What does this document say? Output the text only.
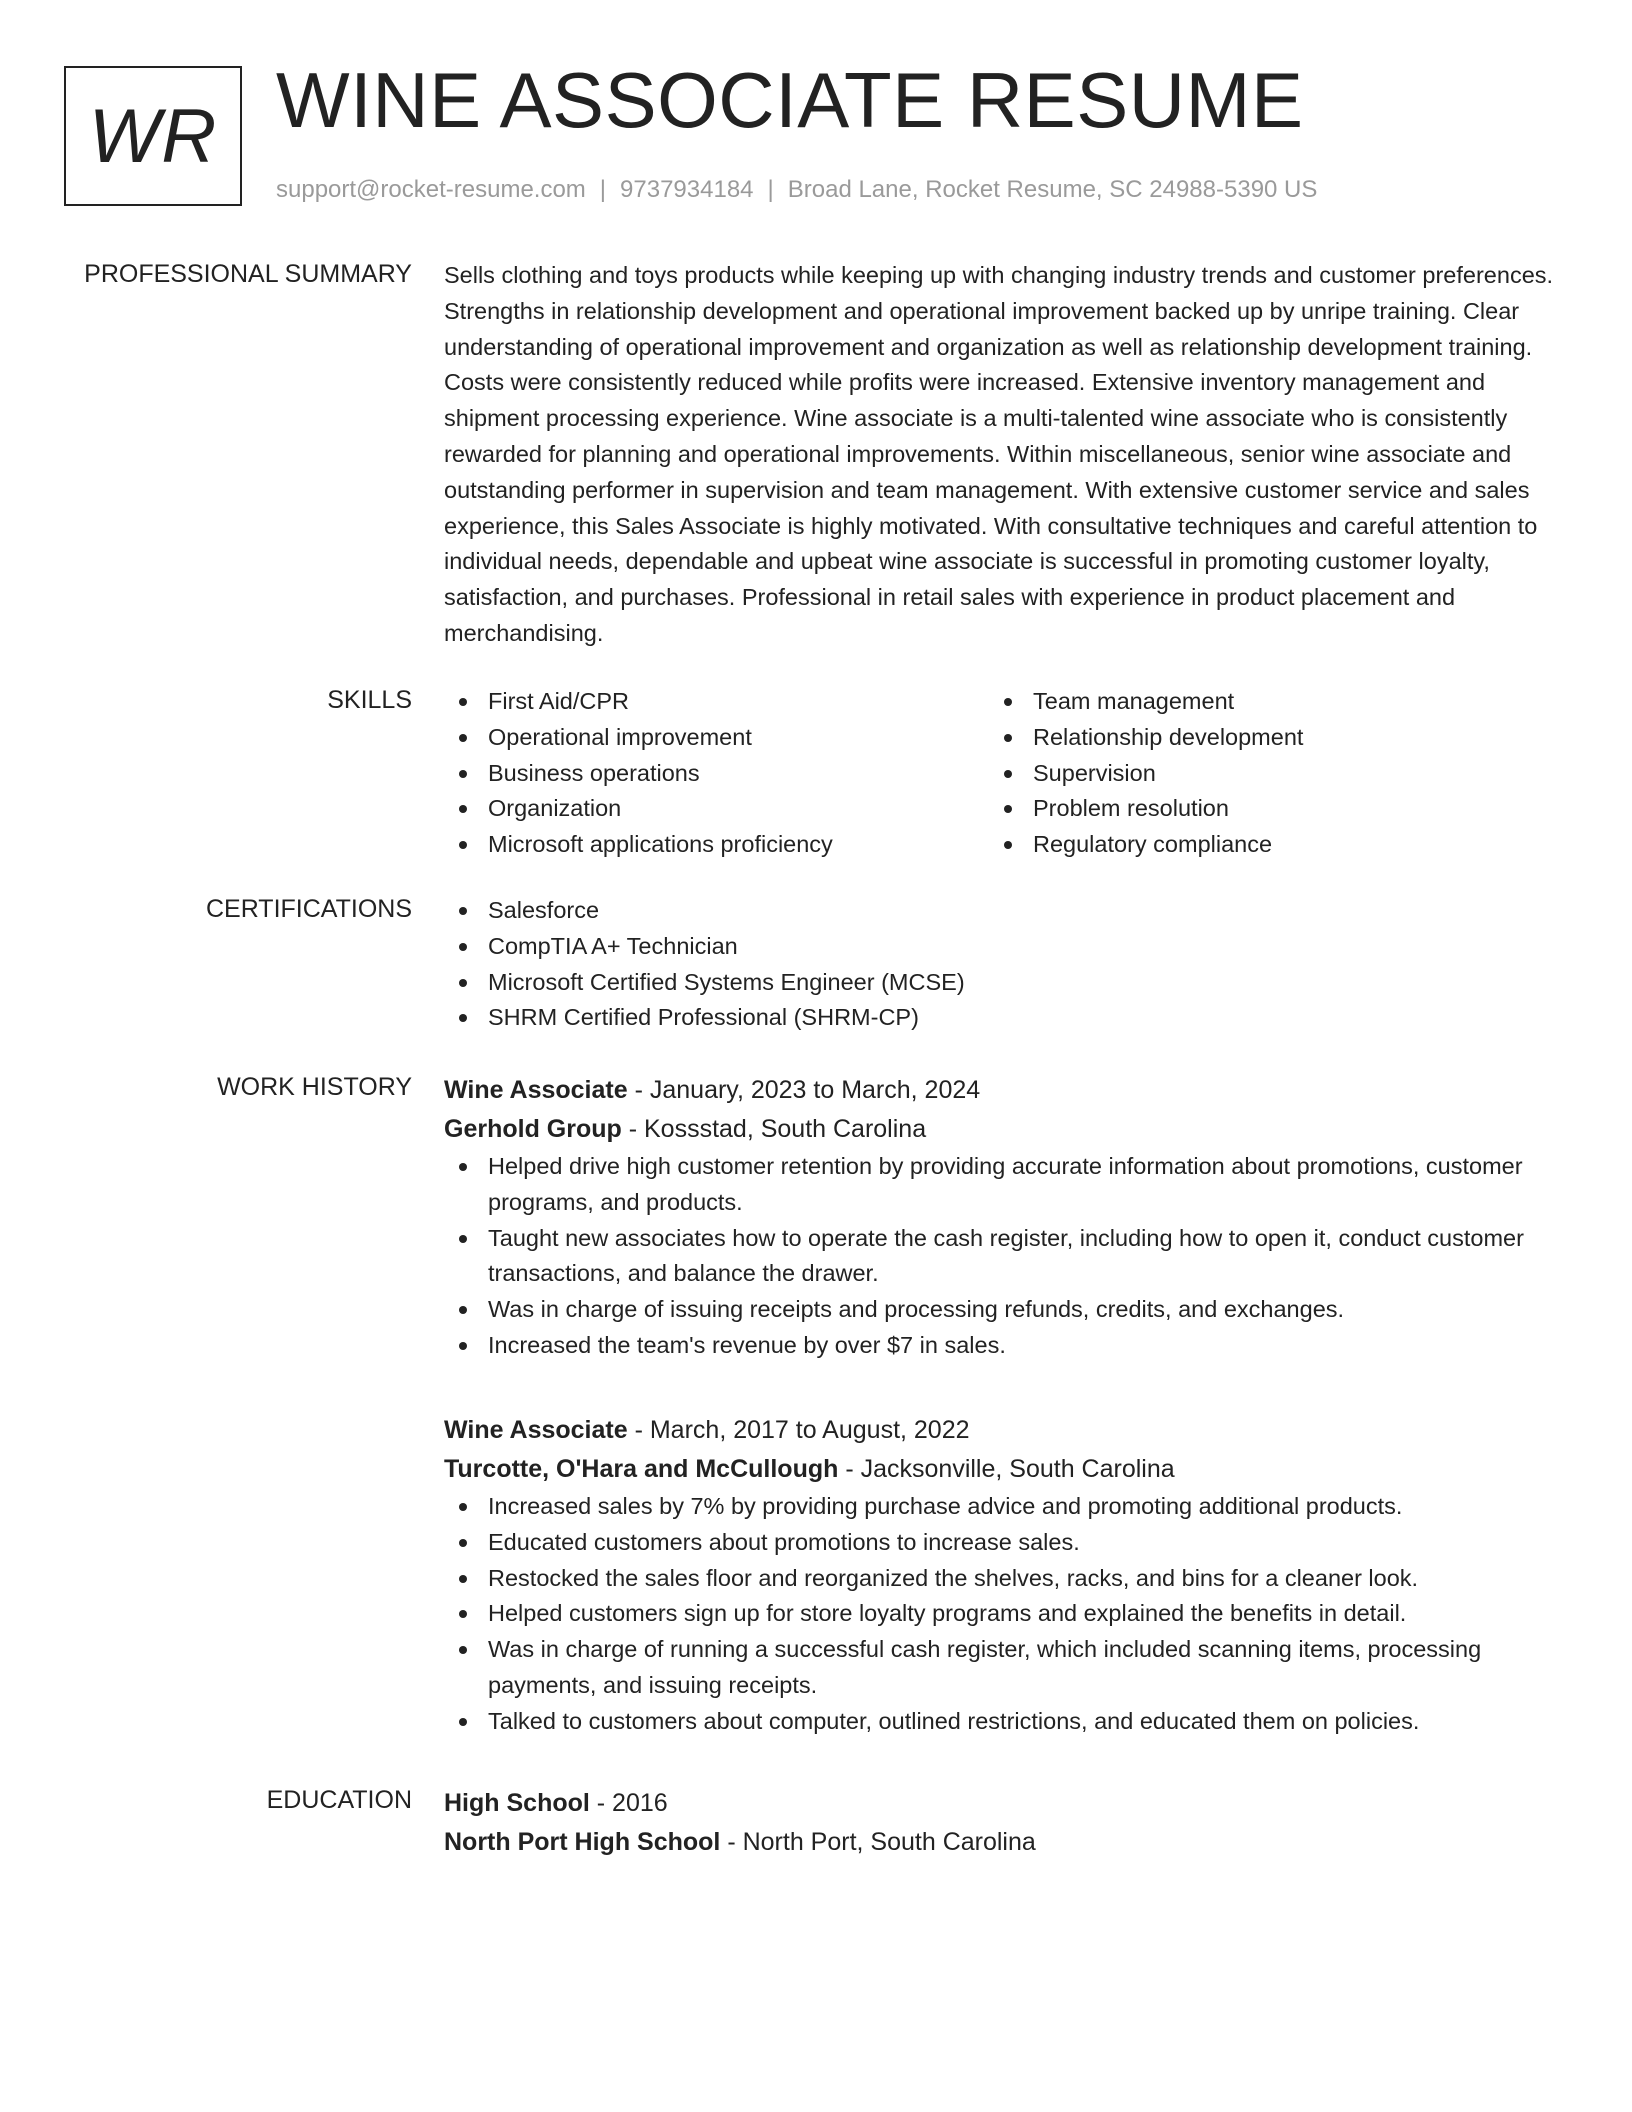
WR WINE ASSOCIATE RESUME
support@rocket-resume.com | 9737934184 | Broad Lane, Rocket Resume, SC 24988-5390 US
PROFESSIONAL SUMMARY Sells clothing and toys products while keeping up with changing industry trends and customer preferences. Strengths in relationship development and operational improvement backed up by unripe training. Clear understanding of operational improvement and organization as well as relationship development training. Costs were consistently reduced while profits were increased. Extensive inventory management and shipment processing experience. Wine associate is a multi-talented wine associate who is consistently rewarded for planning and operational improvements. Within miscellaneous, senior wine associate and outstanding performer in supervision and team management. With extensive customer service and sales experience, this Sales Associate is highly motivated. With consultative techniques and careful attention to individual needs, dependable and upbeat wine associate is successful in promoting customer loyalty, satisfaction, and purchases. Professional in retail sales with experience in product placement and merchandising.

SKILLS	First Aid/CPR
Operational improvement
Business operations
Organization
Microsoft applications proficiency
Team management
Relationship development
Supervision
Problem resolution
Regulatory compliance
CERTIFICATIONS	Salesforce
CompTIA A+ Technician
Microsoft Certified Systems Engineer (MCSE)
SHRM Certified Professional (SHRM-CP)
WORK HISTORY Wine Associate - January, 2023 to March, 2024
Gerhold Group - Kossstad, South Carolina
Helped drive high customer retention by providing accurate information about promotions, customer programs, and products.
Taught new associates how to operate the cash register, including how to open it, conduct customer transactions, and balance the drawer.
Was in charge of issuing receipts and processing refunds, credits, and exchanges.
Increased the team's revenue by over $7 in sales.
Wine Associate - March, 2017 to August, 2022
Turcotte, O'Hara and McCullough - Jacksonville, South Carolina
Increased sales by 7% by providing purchase advice and promoting additional products.
Educated customers about promotions to increase sales.
Restocked the sales floor and reorganized the shelves, racks, and bins for a cleaner look.
Helped customers sign up for store loyalty programs and explained the benefits in detail.
Was in charge of running a successful cash register, which included scanning items, processing payments, and issuing receipts.
Talked to customers about computer, outlined restrictions, and educated them on policies.
EDUCATION High School - 2016
North Port High School - North Port, South Carolina
